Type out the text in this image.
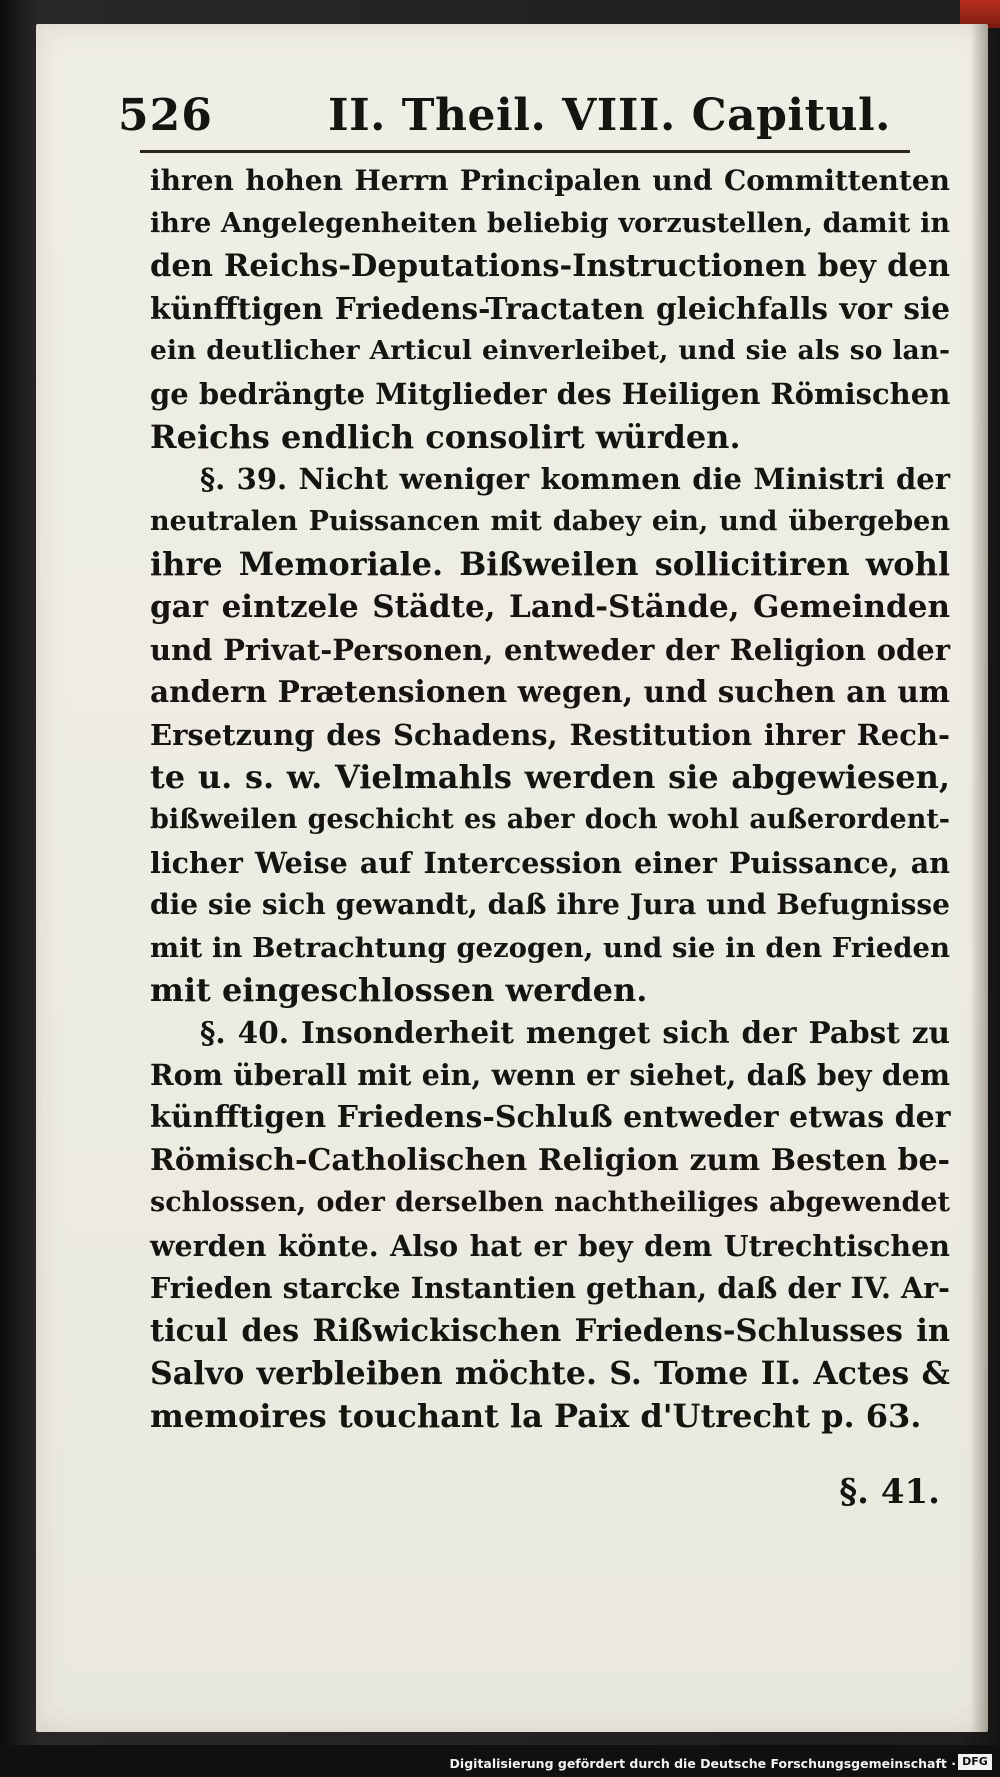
526	II. Theil. VIII. Capitul.
ihren hohen Herrn Principalen und Committenten
ihre Angelegenheiten beliebig vorzustellen, damit in
den Reichs-Deputations-Instructionen bey den
künfftigen Friedens-Tractaten gleichfalls vor sie
ein deutlicher Articul einverleibet, und sie als so lan-
ge bedrängte Mitglieder des Heiligen Römischen
Reichs endlich consolirt würden.
§. 39. Nicht weniger kommen die Ministri der
neutralen Puissancen mit dabey ein, und übergeben
ihre Memoriale. Bißweilen sollicitiren wohl
gar eintzele Städte, Land-Stände, Gemeinden
und Privat-Personen, entweder der Religion oder
andern Prætensionen wegen, und suchen an um
Ersetzung des Schadens, Restitution ihrer Rech-
te u. s. w. Vielmahls werden sie abgewiesen,
bißweilen geschicht es aber doch wohl außerordent-
licher Weise auf Intercession einer Puissance, an
die sie sich gewandt, daß ihre Jura und Befugnisse
mit in Betrachtung gezogen, und sie in den Frieden
mit eingeschlossen werden.
§. 40. Insonderheit menget sich der Pabst zu
Rom überall mit ein, wenn er siehet, daß bey dem
künfftigen Friedens-Schluß entweder etwas der
Römisch-Catholischen Religion zum Besten be-
schlossen, oder derselben nachtheiliges abgewendet
werden könte. Also hat er bey dem Utrechtischen
Frieden starcke Instantien gethan, daß der IV. Ar-
ticul des Rißwickischen Friedens-Schlusses in
Salvo verbleiben möchte. S. Tome II. Actes &
memoires touchant la Paix d'Utrecht p. 63.
§. 41.
Digitalisierung gefördert durch die Deutsche Forschungsgemeinschaft · DFG
